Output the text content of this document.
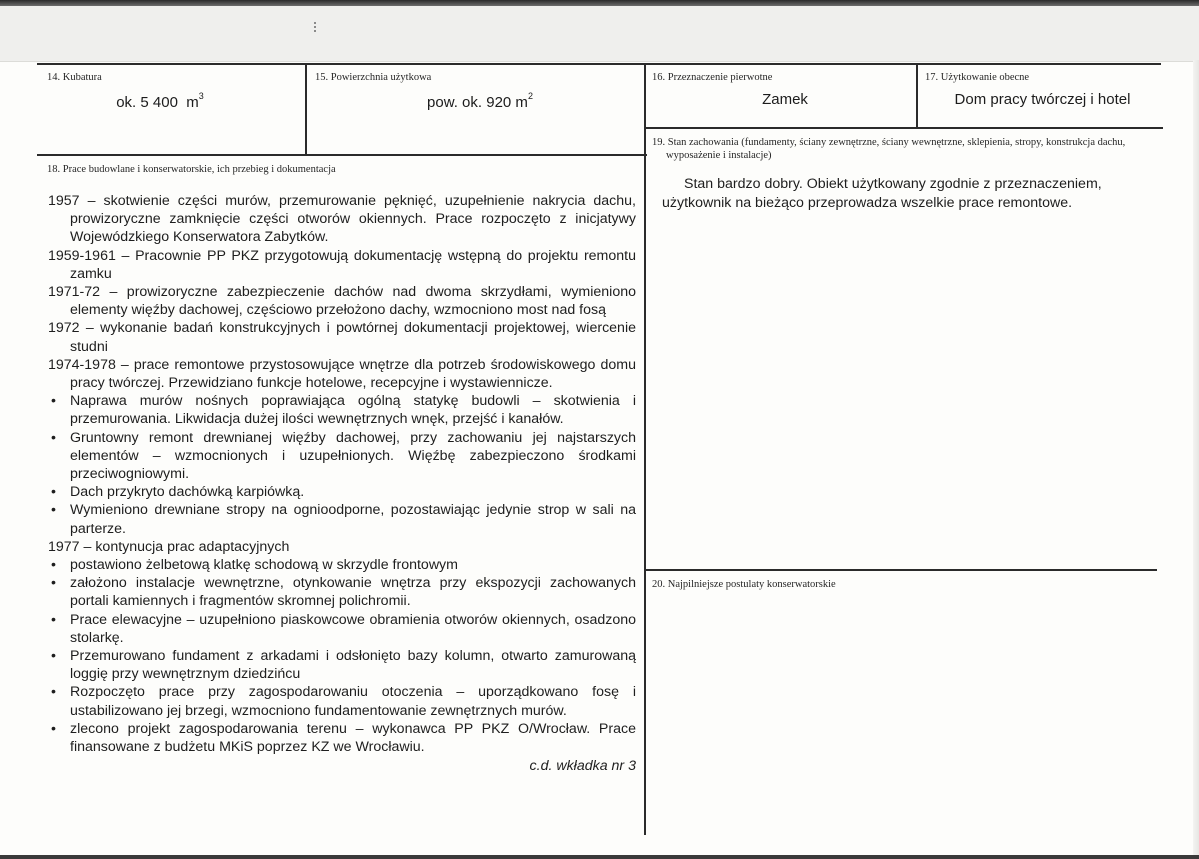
14. Kubatura
ok. 5 400  $m^3$
15. Powierzchnia użytkowa
pow. ok. 920 $m^2$
16. Przeznaczenie pierwotne
Zamek
17. Użytkowanie obecne
Dom pracy twórczej i hotel
18. Prace budowlane i konserwatorskie, ich przebieg i dokumentacja

1957 – skotwienie części murów, przemurowanie pęknięć, uzupełnienie nakrycia dachu, prowizoryczne zamknięcie części otworów okiennych. Prace rozpoczęto z inicjatywy Wojewódzkiego Konserwatora Zabytków.

1959-1961 – Pracownie PP PKZ przygotowują dokumentację wstępną do projektu remontu zamku

1971-72 – prowizoryczne zabezpieczenie dachów nad dwoma skrzydłami, wymieniono elementy więźby dachowej, częściowo przełożono dachy, wzmocniono most nad fosą

1972 – wykonanie badań konstrukcyjnych i powtórnej dokumentacji projektowej, wiercenie studni

1974-1978 – prace remontowe przystosowujące wnętrze dla potrzeb środowiskowego domu pracy twórczej. Przewidziano funkcje hotelowe, recepcyjne i wystawiennicze.

• Naprawa murów nośnych poprawiająca ogólną statykę budowli – skotwienia i przemurowania. Likwidacja dużej ilości wewnętrznych wnęk, przejść i kanałów.
• Gruntowny remont drewnianej więźby dachowej, przy zachowaniu jej najstarszych elementów – wzmocnionych i uzupełnionych. Więźbę zabezpieczono środkami przeciwogniowymi.
• Dach przykryto dachówką karpiówką.
• Wymieniono drewniane stropy na ognioodporne, pozostawiając jedynie strop w sali na parterze.

1977 – kontynucja prac adaptacyjnych

• postawiono żelbetową klatkę schodową w skrzydle frontowym
• założono instalacje wewnętrzne, otynkowanie wnętrza przy ekspozycji zachowanych portali kamiennych i fragmentów skromnej polichromii.
• Prace elewacyjne – uzupełniono piaskowcowe obramienia otworów okiennych, osadzono stolarkę.
• Przemurowano fundament z arkadami i odsłonięto bazy kolumn, otwarto zamurowaną loggię przy wewnętrznym dziedzińcu
• Rozpoczęto prace przy zagospodarowaniu otoczenia – uporządkowano fosę i ustabilizowano jej brzegi, wzmocniono fundamentowanie zewnętrznych murów.
• zlecono projekt zagospodarowania terenu – wykonawca PP PKZ O/Wrocław. Prace finansowane z budżetu MKiS poprzez KZ we Wrocławiu.
c.d. wkładka nr 3
19. Stan zachowania (fundamenty, ściany zewnętrzne, ściany wewnętrzne, sklepienia, stropy, konstrukcja dachu, wyposażenie i instalacje)

Stan bardzo dobry. Obiekt użytkowany zgodnie z przeznaczeniem, użytkownik na bieżąco przeprowadza wszelkie prace remontowe.

20. Najpilniejsze postulaty konserwatorskie
